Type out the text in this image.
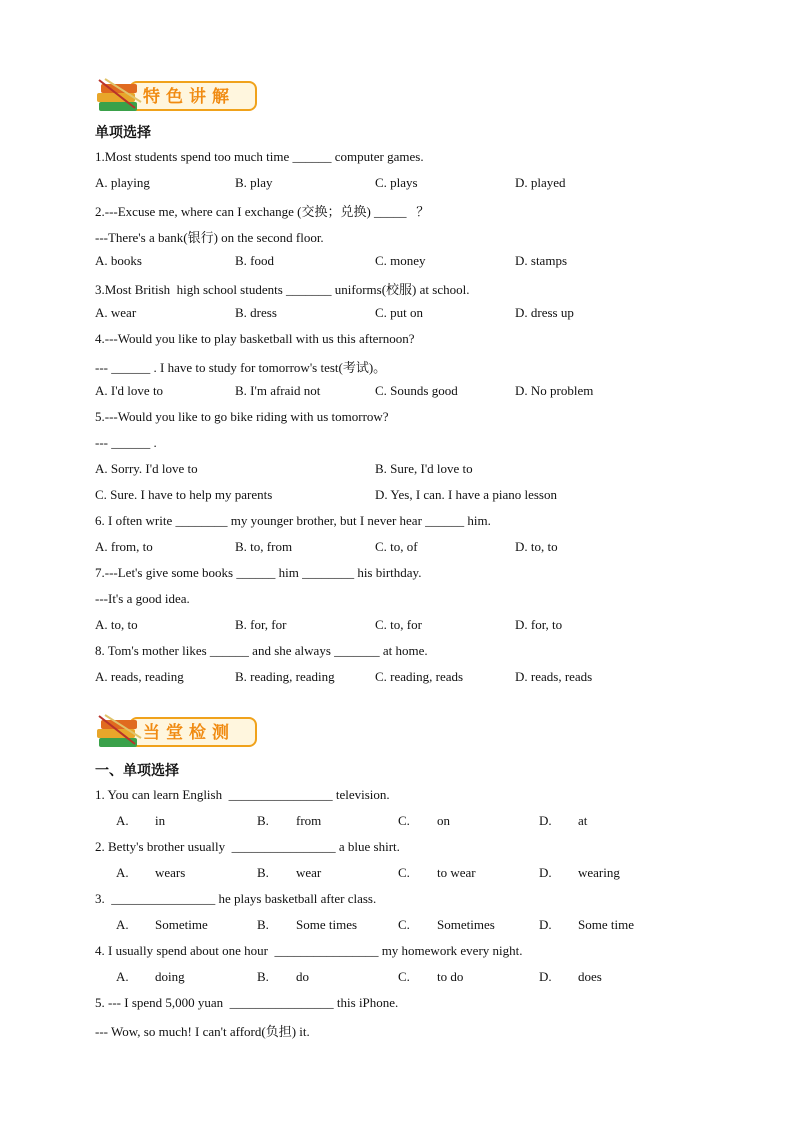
特色讲解
单项选择
1.Most students spend too much time ______ computer games.
A. playing	B. play	C. plays	D. played
2.---Excuse me, where can I exchange (交换；兑换) _____   ？
---There's a bank(银行) on the second floor.
A. books	B. food	C. money	D. stamps
3.Most British  high school students _______ uniforms(校服) at school.
A. wear	B. dress	C. put on	D. dress up
4.---Would you like to play basketball with us this afternoon?
--- ______ . I have to study for tomorrow's test(考试)。
A. I'd love to	B. I'm afraid not	C. Sounds good	D. No problem
5.---Would you like to go bike riding with us tomorrow?
--- ______ .
A. Sorry. I'd love to	B. Sure, I'd love to
C. Sure. I have to help my parents	D. Yes, I can. I have a piano lesson
6. I often write ________ my younger brother, but I never hear ______ him.
A. from, to	B. to, from	C. to, of	D. to, to
7.---Let's give some books ______ him ________ his birthday.
---It's a good idea.
A. to, to	B. for, for	C. to, for	D. for, to
8. Tom's mother likes ______ and she always _______ at home.
A. reads, reading	B. reading, reading	C. reading, reads	D. reads, reads
当堂检测
一、单项选择
1. You can learn English  ________________ television.
A. in	B. from	C. on	D. at
2. Betty's brother usually  ________________ a blue shirt.
A. wears	B. wear	C. to wear	D. wearing
3.  ________________ he plays basketball after class.
A. Sometime	B. Some times	C. Sometimes	D. Some time
4. I usually spend about one hour  ________________ my homework every night.
A. doing	B. do	C. to do	D. does
5. --- I spend 5,000 yuan  ________________ this iPhone.
--- Wow, so much! I can't afford(负担) it.
